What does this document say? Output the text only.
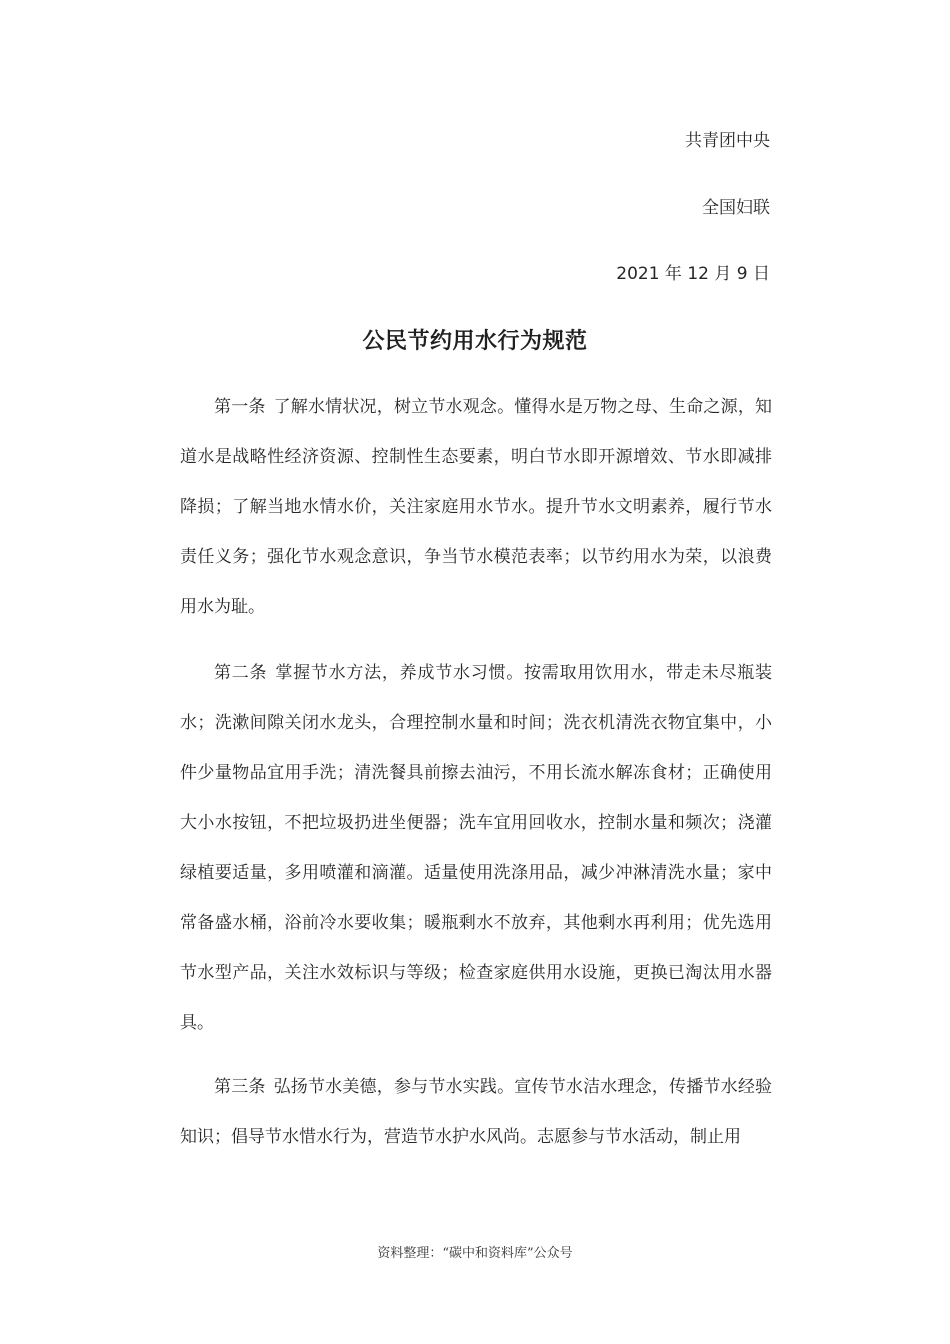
共青团中央
全国妇联
2021 年 12 月 9 日
公民节约用水行为规范

第一条 了解水情状况，树立节水观念。懂得水是万物之母、生命之源，知道水是战略性经济资源、控制性生态要素，明白节水即开源增效、节水即减排降损；了解当地水情水价，关注家庭用水节水。提升节水文明素养，履行节水责任义务；强化节水观念意识，争当节水模范表率；以节约用水为荣，以浪费用水为耻。

第二条 掌握节水方法，养成节水习惯。按需取用饮用水，带走未尽瓶装水；洗漱间隙关闭水龙头，合理控制水量和时间；洗衣机清洗衣物宜集中，小件少量物品宜用手洗；清洗餐具前擦去油污，不用长流水解冻食材；正确使用大小水按钮，不把垃圾扔进坐便器；洗车宜用回收水，控制水量和频次；浇灌绿植要适量，多用喷灌和滴灌。适量使用洗涤用品，减少冲淋清洗水量；家中常备盛水桶，浴前冷水要收集；暖瓶剩水不放弃，其他剩水再利用；优先选用节水型产品，关注水效标识与等级；检查家庭供用水设施，更换已淘汰用水器具。

第三条 弘扬节水美德，参与节水实践。宣传节水洁水理念，传播节水经验知识；倡导节水惜水行为，营造节水护水风尚。志愿参与节水活动，制止用

资料整理：“碳中和资料库”公众号
